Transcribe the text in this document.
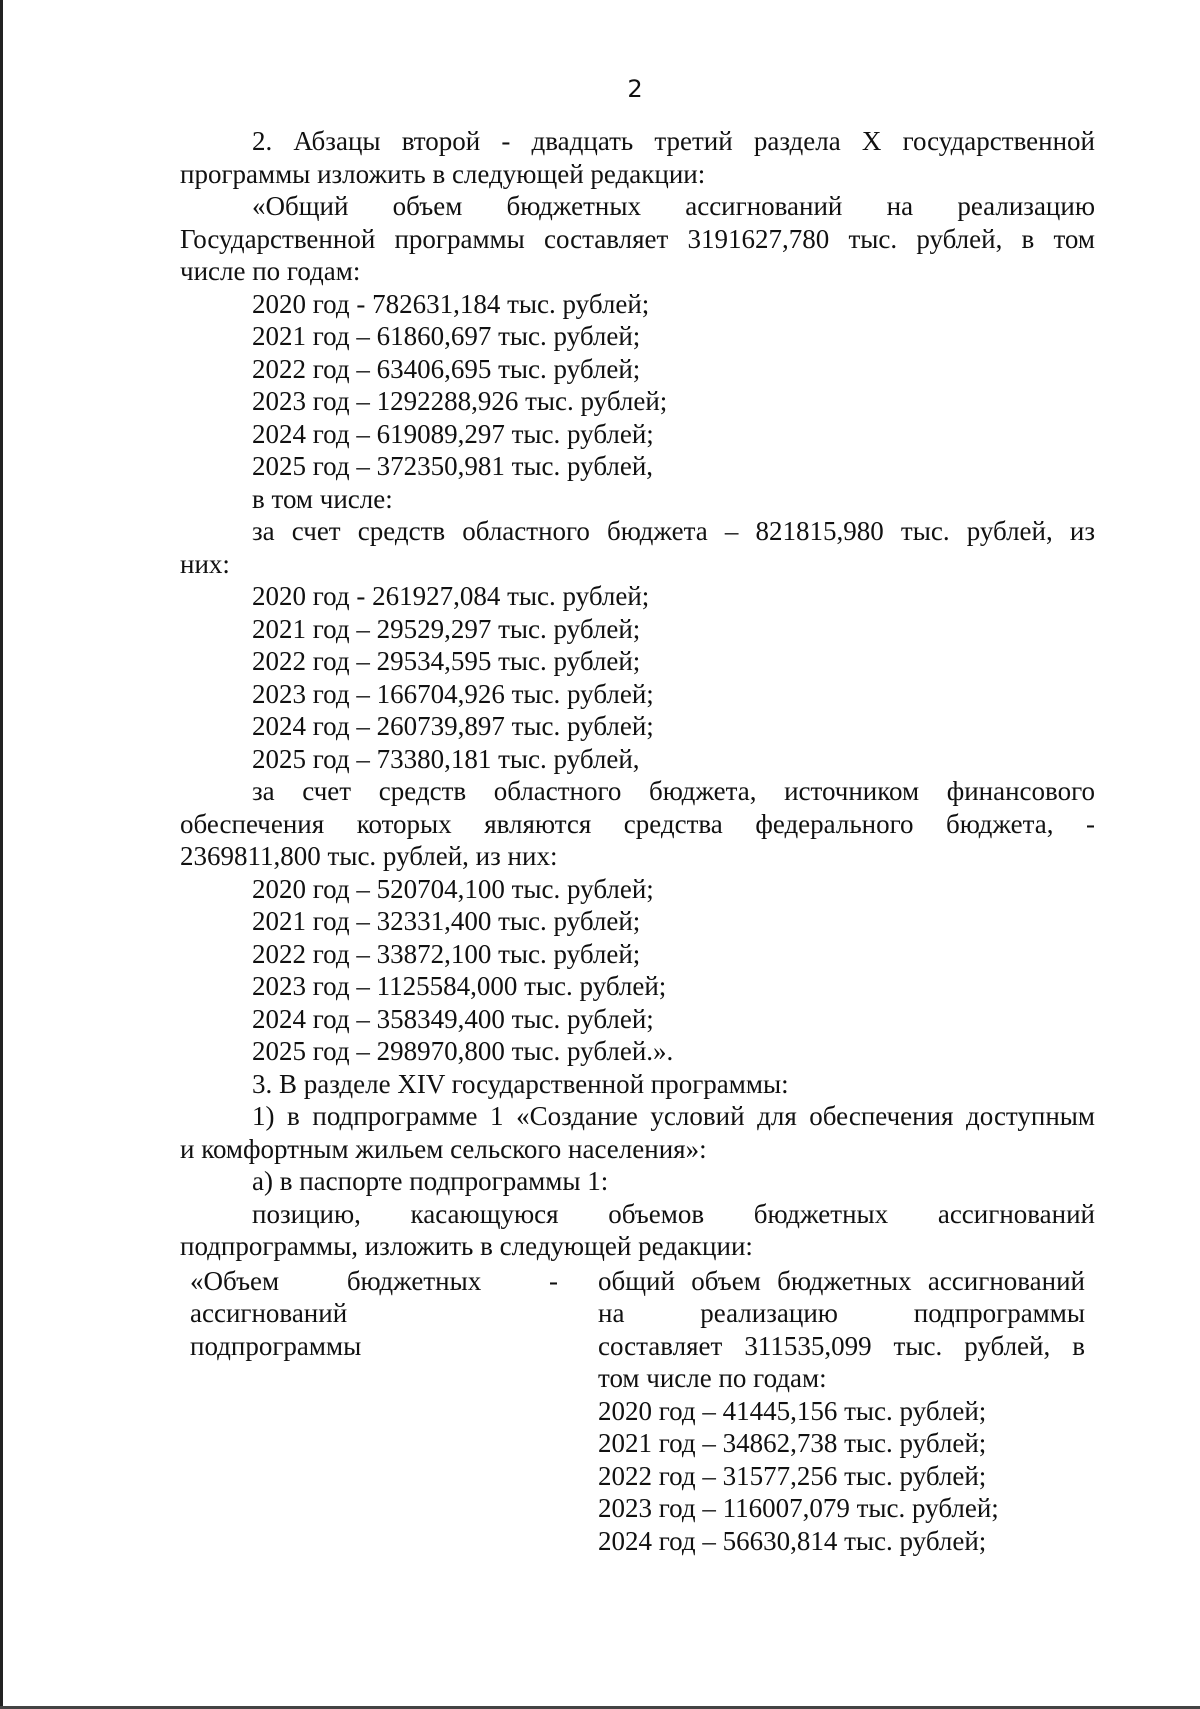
2

2. Абзацы второй - двадцать третий раздела X государственной

программы изложить в следующей редакции:

«Общий объем бюджетных ассигнований на реализацию

Государственной программы составляет 3191627,780 тыс. рублей, в том

числе по годам:

2020 год - 782631,184 тыс. рублей;

2021 год – 61860,697 тыс. рублей;

2022 год – 63406,695 тыс. рублей;

2023 год – 1292288,926 тыс. рублей;

2024 год – 619089,297 тыс. рублей;

2025 год – 372350,981 тыс. рублей,

в том числе:

за счет средств областного бюджета – 821815,980 тыс. рублей, из

них:

2020 год - 261927,084 тыс. рублей;

2021 год – 29529,297 тыс. рублей;

2022 год – 29534,595 тыс. рублей;

2023 год – 166704,926 тыс. рублей;

2024 год – 260739,897 тыс. рублей;

2025 год – 73380,181 тыс. рублей,

за счет средств областного бюджета, источником финансового

обеспечения которых являются средства федерального бюджета, -

2369811,800 тыс. рублей, из них:

2020 год – 520704,100 тыс. рублей;

2021 год – 32331,400 тыс. рублей;

2022 год – 33872,100 тыс. рублей;

2023 год – 1125584,000 тыс. рублей;

2024 год – 358349,400 тыс. рублей;

2025 год – 298970,800 тыс. рублей.».

3. В разделе XIV государственной программы:

1) в подпрограмме 1 «Создание условий для обеспечения доступным

и комфортным жильем сельского населения»:

а) в паспорте подпрограммы 1:

позицию, касающуюся объемов бюджетных ассигнований

подпрограммы, изложить в следующей редакции:

«Объем бюджетных -

ассигнований

подпрограммы

общий объем бюджетных ассигнований

на реализацию подпрограммы

составляет 311535,099 тыс. рублей, в

том числе по годам:

2020 год – 41445,156 тыс. рублей;

2021 год – 34862,738 тыс. рублей;

2022 год – 31577,256 тыс. рублей;

2023 год – 116007,079 тыс. рублей;

2024 год – 56630,814 тыс. рублей;
